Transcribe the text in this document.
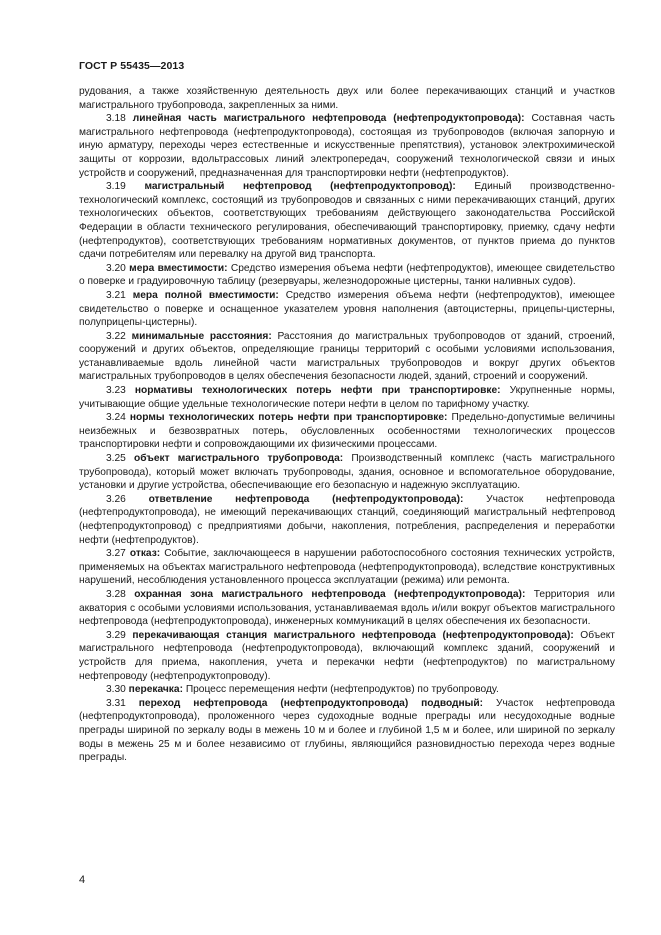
ГОСТ Р 55435—2013

рудования, а также хозяйственную деятельность двух или более перекачивающих станций и участков магистрального трубопровода, закрепленных за ними.

3.18 линейная часть магистрального нефтепровода (нефтепродуктопровода): Составная часть магистрального нефтепровода (нефтепродуктопровода), состоящая из трубопроводов (включая запорную и иную арматуру, переходы через естественные и искусственные препятствия), установок электрохимической защиты от коррозии, вдольтрассовых линий электропередач, сооружений технологической связи и иных устройств и сооружений, предназначенная для транспортировки нефти (нефтепродуктов).

3.19 магистральный нефтепровод (нефтепродуктопровод): Единый производственно-технологический комплекс, состоящий из трубопроводов и связанных с ними перекачивающих станций, других технологических объектов, соответствующих требованиям действующего законодательства Российской Федерации в области технического регулирования, обеспечивающий транспортировку, приемку, сдачу нефти (нефтепродуктов), соответствующих требованиям нормативных документов, от пунктов приема до пунктов сдачи потребителям или перевалку на другой вид транспорта.

3.20 мера вместимости: Средство измерения объема нефти (нефтепродуктов), имеющее свидетельство о поверке и градуировочную таблицу (резервуары, железнодорожные цистерны, танки наливных судов).

3.21 мера полной вместимости: Средство измерения объема нефти (нефтепродуктов), имеющее свидетельство о поверке и оснащенное указателем уровня наполнения (автоцистерны, прицепы-цистерны, полуприцепы-цистерны).

3.22 минимальные расстояния: Расстояния до магистральных трубопроводов от зданий, строений, сооружений и других объектов, определяющие границы территорий с особыми условиями использования, устанавливаемые вдоль линейной части магистральных трубопроводов и вокруг других объектов магистральных трубопроводов в целях обеспечения безопасности людей, зданий, строений и сооружений.

3.23 нормативы технологических потерь нефти при транспортировке: Укрупненные нормы, учитывающие общие удельные технологические потери нефти в целом по тарифному участку.

3.24 нормы технологических потерь нефти при транспортировке: Предельно-допустимые величины неизбежных и безвозвратных потерь, обусловленных особенностями технологических процессов транспортировки нефти и сопровождающими их физическими процессами.

3.25 объект магистрального трубопровода: Производственный комплекс (часть магистрального трубопровода), который может включать трубопроводы, здания, основное и вспомогательное оборудование, установки и другие устройства, обеспечивающие его безопасную и надежную эксплуатацию.

3.26 ответвление нефтепровода (нефтепродуктопровода): Участок нефтепровода (нефтепродуктопровода), не имеющий перекачивающих станций, соединяющий магистральный нефтепровод (нефтепродуктопровод) с предприятиями добычи, накопления, потребления, распределения и переработки нефти (нефтепродуктов).

3.27 отказ: Событие, заключающееся в нарушении работоспособного состояния технических устройств, применяемых на объектах магистрального нефтепровода (нефтепродуктопровода), вследствие конструктивных нарушений, несоблюдения установленного процесса эксплуатации (режима) или ремонта.

3.28 охранная зона магистрального нефтепровода (нефтепродуктопровода): Территория или акватория с особыми условиями использования, устанавливаемая вдоль и/или вокруг объектов магистрального нефтепровода (нефтепродуктопровода), инженерных коммуникаций в целях обеспечения их безопасности.

3.29 перекачивающая станция магистрального нефтепровода (нефтепродуктопровода): Объект магистрального нефтепровода (нефтепродуктопровода), включающий комплекс зданий, сооружений и устройств для приема, накопления, учета и перекачки нефти (нефтепродуктов) по магистральному нефтепроводу (нефтепродуктопроводу).

3.30 перекачка: Процесс перемещения нефти (нефтепродуктов) по трубопроводу.

3.31 переход нефтепровода (нефтепродуктопровода) подводный: Участок нефтепровода (нефтепродуктопровода), проложенного через судоходные водные преграды или несудоходные водные преграды шириной по зеркалу воды в межень 10 м и более и глубиной 1,5 м и более, или шириной по зеркалу воды в межень 25 м и более независимо от глубины, являющийся разновидностью перехода через водные преграды.

4
